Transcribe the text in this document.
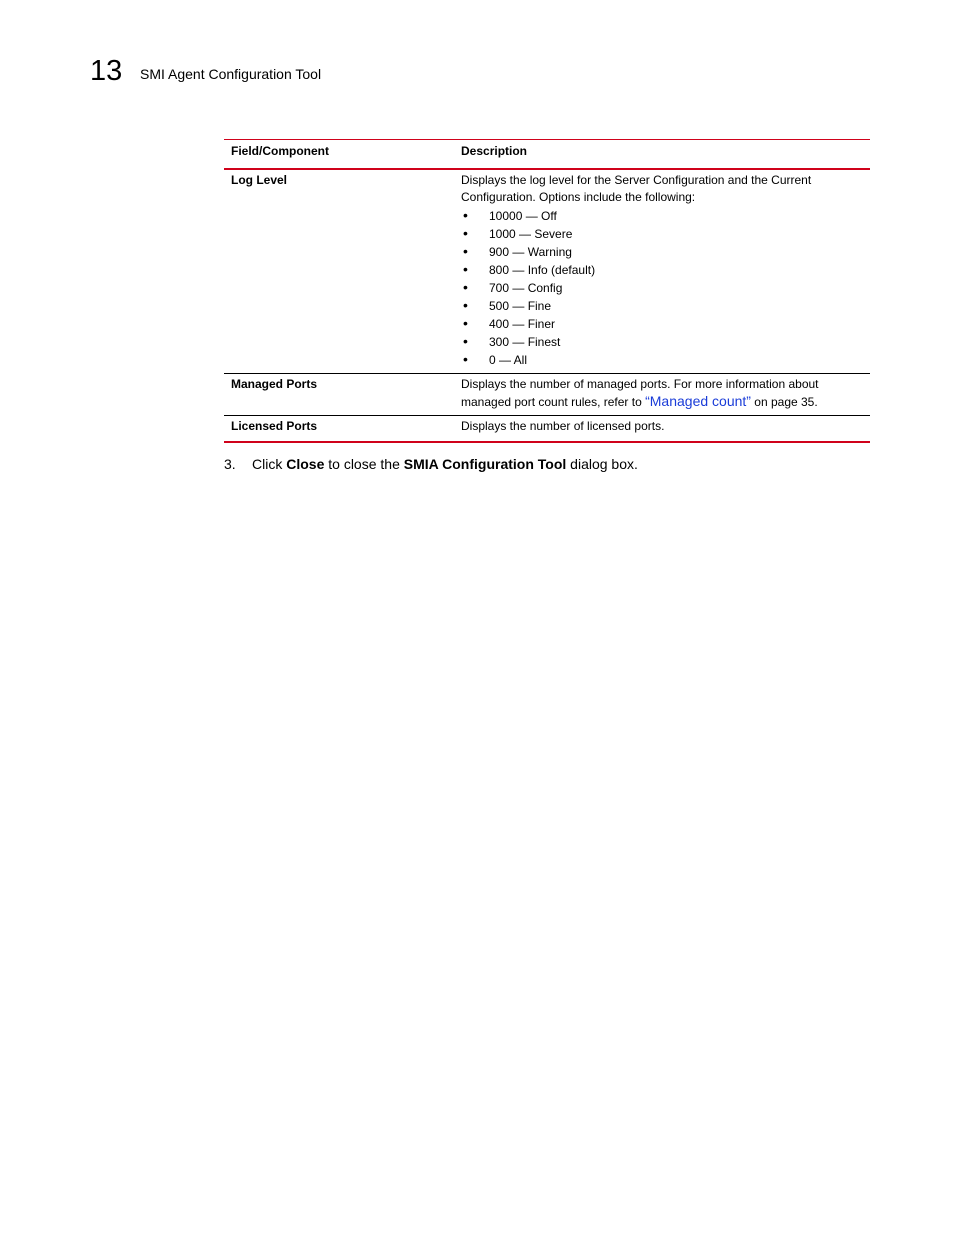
13 SMI Agent Configuration Tool
Field/Component	Description
Log Level	Displays the log level for the Server Configuration and the Current Configuration. Options include the following:
• 10000 — Off
• 1000 — Severe
• 900 — Warning
• 800 — Info (default)
• 700 — Config
• 500 — Fine
• 400 — Finer
• 300 — Finest
• 0 — All
Managed Ports	Displays the number of managed ports. For more information about managed port count rules, refer to “Managed count” on page 35.
Licensed Ports	Displays the number of licensed ports.
3. Click Close to close the SMIA Configuration Tool dialog box.
